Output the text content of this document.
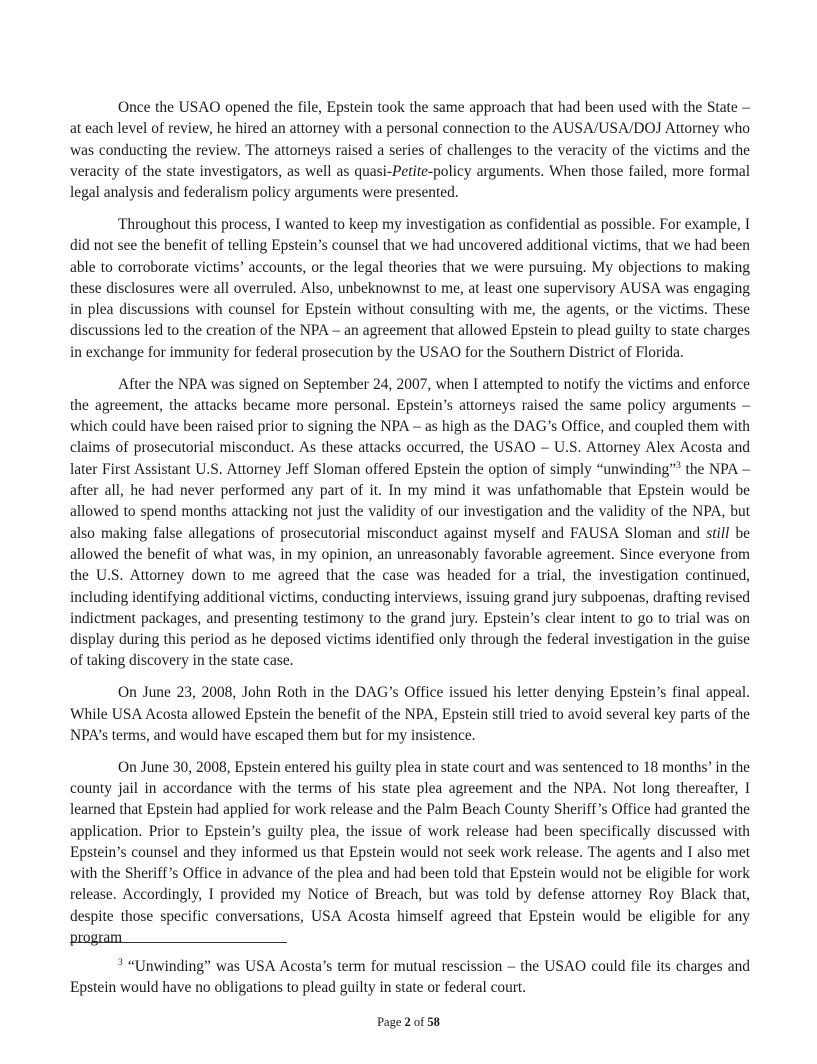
Once the USAO opened the file, Epstein took the same approach that had been used with the State – at each level of review, he hired an attorney with a personal connection to the AUSA/USA/DOJ Attorney who was conducting the review. The attorneys raised a series of challenges to the veracity of the victims and the veracity of the state investigators, as well as quasi-Petite-policy arguments. When those failed, more formal legal analysis and federalism policy arguments were presented.

Throughout this process, I wanted to keep my investigation as confidential as possible. For example, I did not see the benefit of telling Epstein’s counsel that we had uncovered additional victims, that we had been able to corroborate victims’ accounts, or the legal theories that we were pursuing. My objections to making these disclosures were all overruled. Also, unbeknownst to me, at least one supervisory AUSA was engaging in plea discussions with counsel for Epstein without consulting with me, the agents, or the victims. These discussions led to the creation of the NPA – an agreement that allowed Epstein to plead guilty to state charges in exchange for immunity for federal prosecution by the USAO for the Southern District of Florida.

After the NPA was signed on September 24, 2007, when I attempted to notify the victims and enforce the agreement, the attacks became more personal. Epstein’s attorneys raised the same policy arguments – which could have been raised prior to signing the NPA – as high as the DAG’s Office, and coupled them with claims of prosecutorial misconduct. As these attacks occurred, the USAO – U.S. Attorney Alex Acosta and later First Assistant U.S. Attorney Jeff Sloman offered Epstein the option of simply “unwinding”$^3$ the NPA – after all, he had never performed any part of it. In my mind it was unfathomable that Epstein would be allowed to spend months attacking not just the validity of our investigation and the validity of the NPA, but also making false allegations of prosecutorial misconduct against myself and FAUSA Sloman and still be allowed the benefit of what was, in my opinion, an unreasonably favorable agreement. Since everyone from the U.S. Attorney down to me agreed that the case was headed for a trial, the investigation continued, including identifying additional victims, conducting interviews, issuing grand jury subpoenas, drafting revised indictment packages, and presenting testimony to the grand jury. Epstein’s clear intent to go to trial was on display during this period as he deposed victims identified only through the federal investigation in the guise of taking discovery in the state case.

On June 23, 2008, John Roth in the DAG’s Office issued his letter denying Epstein’s final appeal. While USA Acosta allowed Epstein the benefit of the NPA, Epstein still tried to avoid several key parts of the NPA’s terms, and would have escaped them but for my insistence.

On June 30, 2008, Epstein entered his guilty plea in state court and was sentenced to 18 months’ in the county jail in accordance with the terms of his state plea agreement and the NPA. Not long thereafter, I learned that Epstein had applied for work release and the Palm Beach County Sheriff’s Office had granted the application. Prior to Epstein’s guilty plea, the issue of work release had been specifically discussed with Epstein’s counsel and they informed us that Epstein would not seek work release. The agents and I also met with the Sheriff’s Office in advance of the plea and had been told that Epstein would not be eligible for work release. Accordingly, I provided my Notice of Breach, but was told by defense attorney Roy Black that, despite those specific conversations, USA Acosta himself agreed that Epstein would be eligible for any program

$^3$ “Unwinding” was USA Acosta’s term for mutual rescission – the USAO could file its charges and Epstein would have no obligations to plead guilty in state or federal court.

Page 2 of 58
